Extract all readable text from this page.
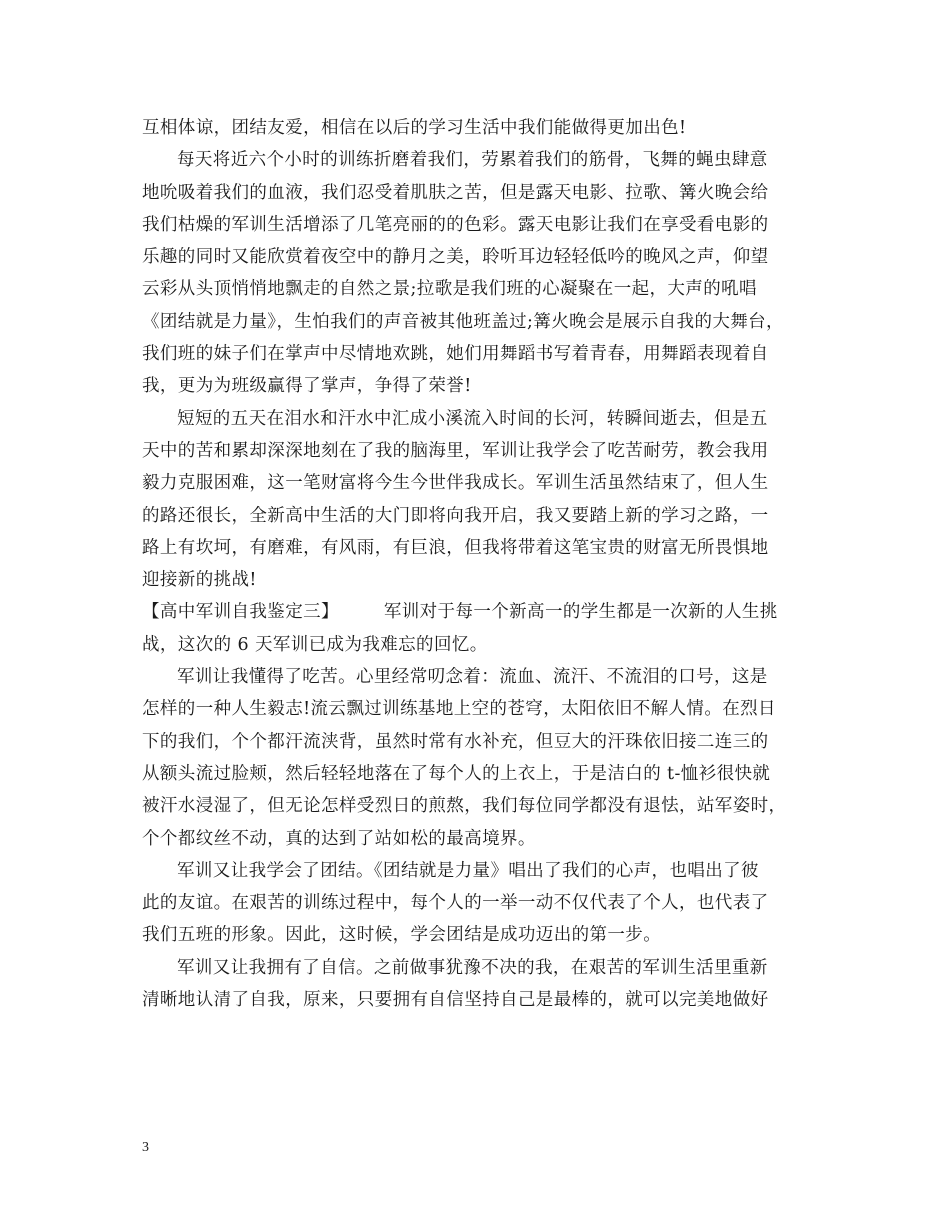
互相体谅，团结友爱，相信在以后的学习生活中我们能做得更加出色!
每天将近六个小时的训练折磨着我们，劳累着我们的筋骨，飞舞的蝇虫肆意
地吮吸着我们的血液，我们忍受着肌肤之苦，但是露天电影、拉歌、篝火晚会给
我们枯燥的军训生活增添了几笔亮丽的的色彩。露天电影让我们在享受看电影的
乐趣的同时又能欣赏着夜空中的静月之美，聆听耳边轻轻低吟的晚风之声，仰望
云彩从头顶悄悄地飘走的自然之景;拉歌是我们班的心凝聚在一起，大声的吼唱
《团结就是力量》，生怕我们的声音被其他班盖过;篝火晚会是展示自我的大舞台，
我们班的妹子们在掌声中尽情地欢跳，她们用舞蹈书写着青春，用舞蹈表现着自
我，更为为班级赢得了掌声，争得了荣誉!
短短的五天在泪水和汗水中汇成小溪流入时间的长河，转瞬间逝去，但是五
天中的苦和累却深深地刻在了我的脑海里，军训让我学会了吃苦耐劳，教会我用
毅力克服困难，这一笔财富将今生今世伴我成长。军训生活虽然结束了，但人生
的路还很长，全新高中生活的大门即将向我开启，我又要踏上新的学习之路，一
路上有坎坷，有磨难，有风雨，有巨浪，但我将带着这笔宝贵的财富无所畏惧地
迎接新的挑战!
【高中军训自我鉴定三】　　　军训对于每一个新高一的学生都是一次新的人生挑
战，这次的 6 天军训已成为我难忘的回忆。
军训让我懂得了吃苦。心里经常叨念着：流血、流汗、不流泪的口号，这是
怎样的一种人生毅志!流云飘过训练基地上空的苍穹，太阳依旧不解人情。在烈日
下的我们，个个都汗流浃背，虽然时常有水补充，但豆大的汗珠依旧接二连三的
从额头流过脸颊，然后轻轻地落在了每个人的上衣上，于是洁白的 t-恤衫很快就
被汗水浸湿了，但无论怎样受烈日的煎熬，我们每位同学都没有退怯，站军姿时，
个个都纹丝不动，真的达到了站如松的最高境界。
军训又让我学会了团结。《团结就是力量》唱出了我们的心声，也唱出了彼
此的友谊。在艰苦的训练过程中，每个人的一举一动不仅代表了个人，也代表了
我们五班的形象。因此，这时候，学会团结是成功迈出的第一步。
军训又让我拥有了自信。之前做事犹豫不决的我，在艰苦的军训生活里重新
清晰地认清了自我，原来，只要拥有自信坚持自己是最棒的，就可以完美地做好
3
